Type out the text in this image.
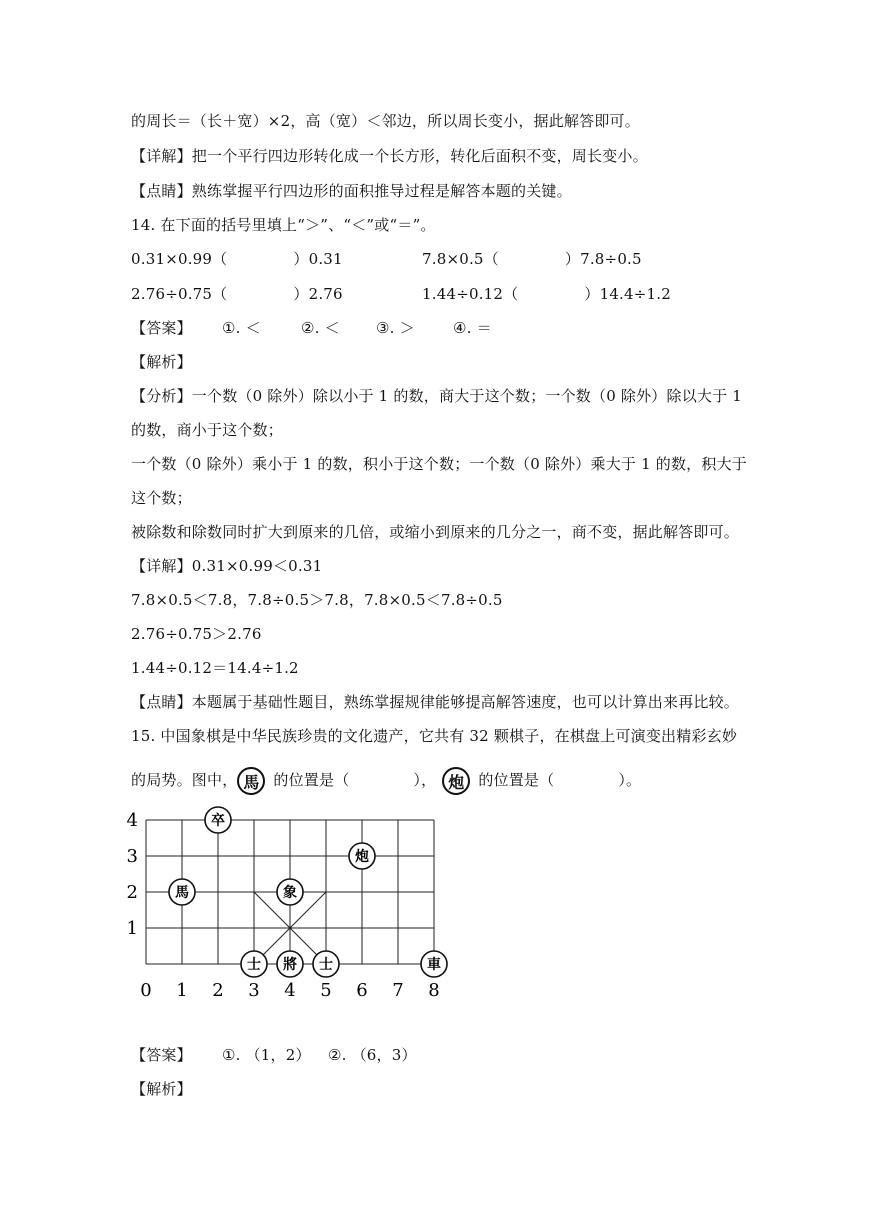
的周长＝（长＋宽）×2，高（宽）＜邻边，所以周长变小，据此解答即可。
【详解】把一个平行四边形转化成一个长方形，转化后面积不变，周长变小。
【点睛】熟练掌握平行四边形的面积推导过程是解答本题的关键。
14. 在下面的括号里填上“＞”、“＜”或“＝”。
0.31×0.99（	）0.31	7.8×0.5（	）7.8÷0.5
2.76÷0.75（	）2.76	1.44÷0.12（	）14.4÷1.2
【答案】 ①. ＜	②. ＜ ③. ＞	④. ＝
【解析】
【分析】一个数（0 除外）除以小于 1 的数，商大于这个数；一个数（0 除外）除以大于 1
的数，商小于这个数；
一个数（0 除外）乘小于 1 的数，积小于这个数；一个数（0 除外）乘大于 1 的数，积大于
这个数；
被除数和除数同时扩大到原来的几倍，或缩小到原来的几分之一，商不变，据此解答即可。
【详解】0.31×0.99＜0.31
7.8×0.5＜7.8，7.8÷0.5＞7.8，7.8×0.5＜7.8÷0.5
2.76÷0.75＞2.76
1.44÷0.12＝14.4÷1.2
【点睛】本题属于基础性题目，熟练掌握规律能够提高解答速度，也可以计算出来再比较。
15. 中国象棋是中华民族珍贵的文化遗产，它共有 32 颗棋子，在棋盘上可演变出精彩玄妙
的局势。图中， 馬 的位置是（	）， 炮 的位置是（	）。
0 1 2 3 4 5 6 7 8
1
2
3
4	卒
炮
馬	象
士 將 士	車
【答案】 ①. （1，2） ②. （6，3）
【解析】
